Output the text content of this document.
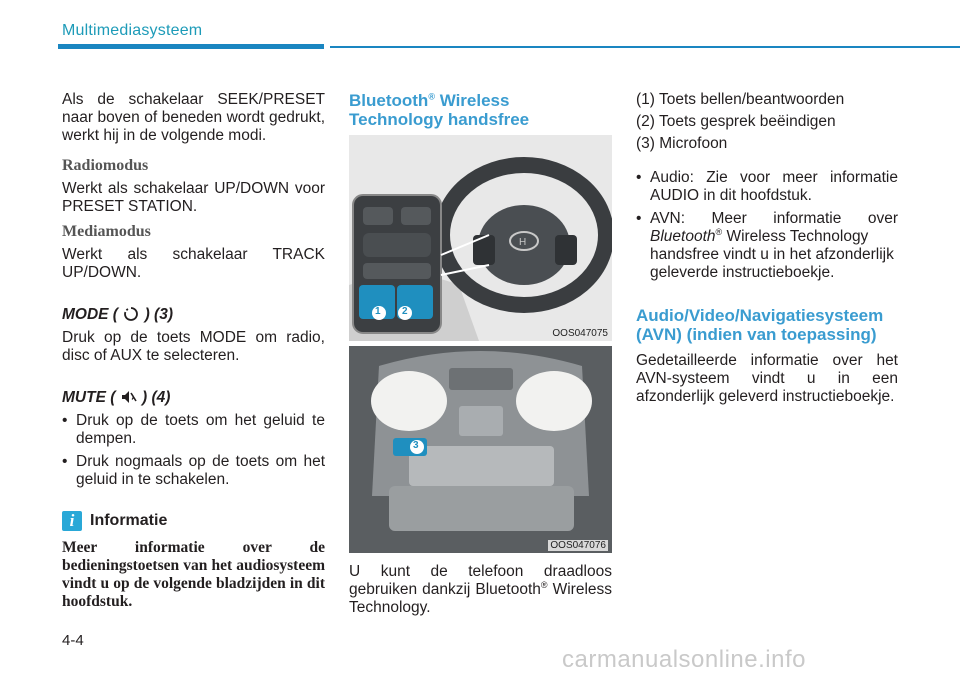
Multimediasysteem

Als de schakelaar SEEK/PRESET naar boven of beneden wordt gedrukt, werkt hij in de volgende modi.

Radiomodus

Werkt als schakelaar UP/DOWN voor PRESET STATION.

Mediamodus

Werkt als schakelaar TRACK UP/DOWN.

MODE ( ) (3)

Druk op de toets MODE om radio, disc of AUX te selecteren.

MUTE ( ) (4)

• Druk op de toets om het geluid te dempen.
• Druk nogmaals op de toets om het geluid in te schakelen.

i Informatie

Meer informatie over de bedieningstoetsen van het audiosysteem vindt u op de volgende bladzijden in dit hoofdstuk.

Bluetooth® Wireless
Technology handsfree

H
1 2
OOS047075
3
OOS047076

U kunt de telefoon draadloos gebruiken dankzij Bluetooth® Wireless Technology.

(1) Toets bellen/beantwoorden

(2) Toets gesprek beëindigen

(3) Microfoon

• Audio: Zie voor meer informatie AUDIO in dit hoofdstuk.
• AVN: Meer informatie over
Bluetooth® Wireless Technology handsfree vindt u in het afzonderlijk geleverde instructieboekje.

Audio/Video/Navigatiesysteem
(AVN) (indien van toepassing)

Gedetailleerde informatie over het AVN-systeem vindt u in een afzonderlijk geleverd instructieboekje.

4-4
carmanualsonline.info
